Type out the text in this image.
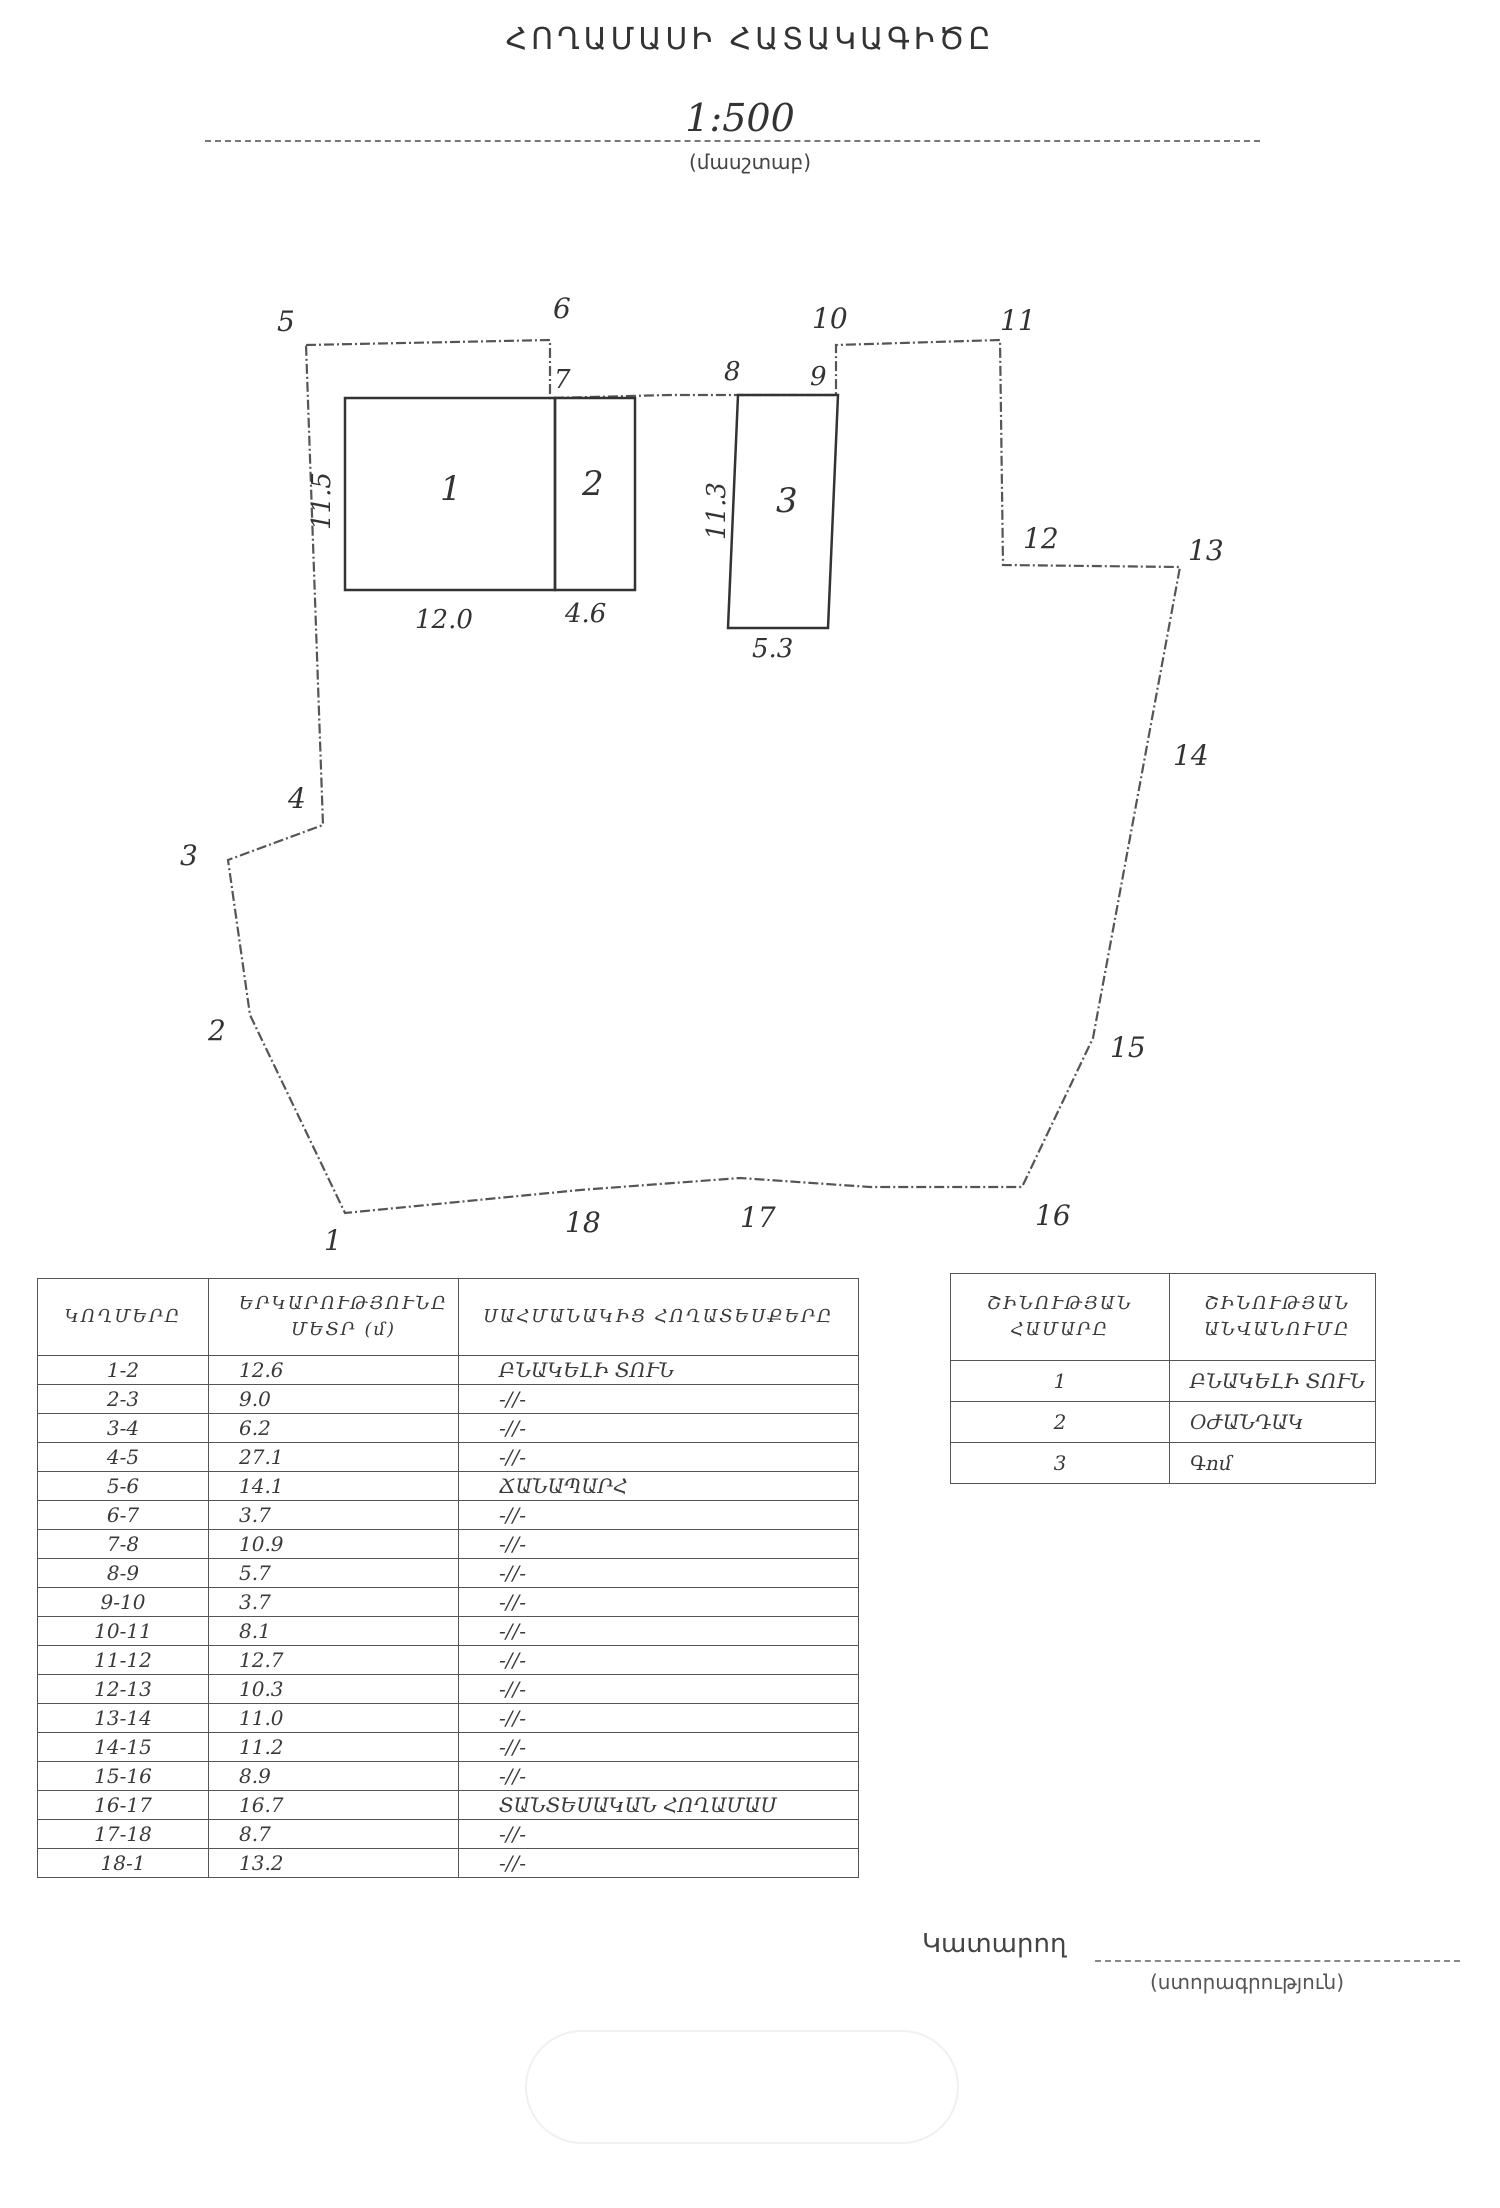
ՀՈՂԱՄԱՍԻ ՀԱՏԱԿԱԳԻԾԸ
1:500
(մասշտաբ)
1
2
3
4
5	6
7	8	9
10	11
12	13
14
15
16
17
18
1	2	3
11.5
12.0	4.6
11.3
5.3
ԿՈՂՄԵՐԸ	ԵՐԿԱՐՈՒԹՅՈՒՆԸ ՄԵՏՐ (մ)	ՍԱՀՄԱՆԱԿԻՑ ՀՈՂԱՏԵՍՔԵՐԸ
1-2	12.6	ԲՆԱԿԵԼԻ ՏՈՒՆ
2-3	9.0	-//-
3-4	6.2	-//-
4-5	27.1	-//-
5-6	14.1	ՃԱՆԱՊԱՐՀ
6-7	3.7	-//-
7-8	10.9	-//-
8-9	5.7	-//-
9-10	3.7	-//-
10-11	8.1	-//-
11-12	12.7	-//-
12-13	10.3	-//-
13-14	11.0	-//-
14-15	11.2	-//-
15-16	8.9	-//-
16-17	16.7	ՏԱՆՏԵՍԱԿԱՆ ՀՈՂԱՄԱՍ
17-18	8.7	-//-
18-1	13.2	-//-
ՇԻՆՈՒԹՅԱՆ ՀԱՄԱՐԸ	ՇԻՆՈՒԹՅԱՆ ԱՆՎԱՆՈՒՄԸ
1	ԲՆԱԿԵԼԻ ՏՈՒՆ
2	ՕԺԱՆԴԱԿ
3	Գոմ
Կատարող
(ստորագրություն)
